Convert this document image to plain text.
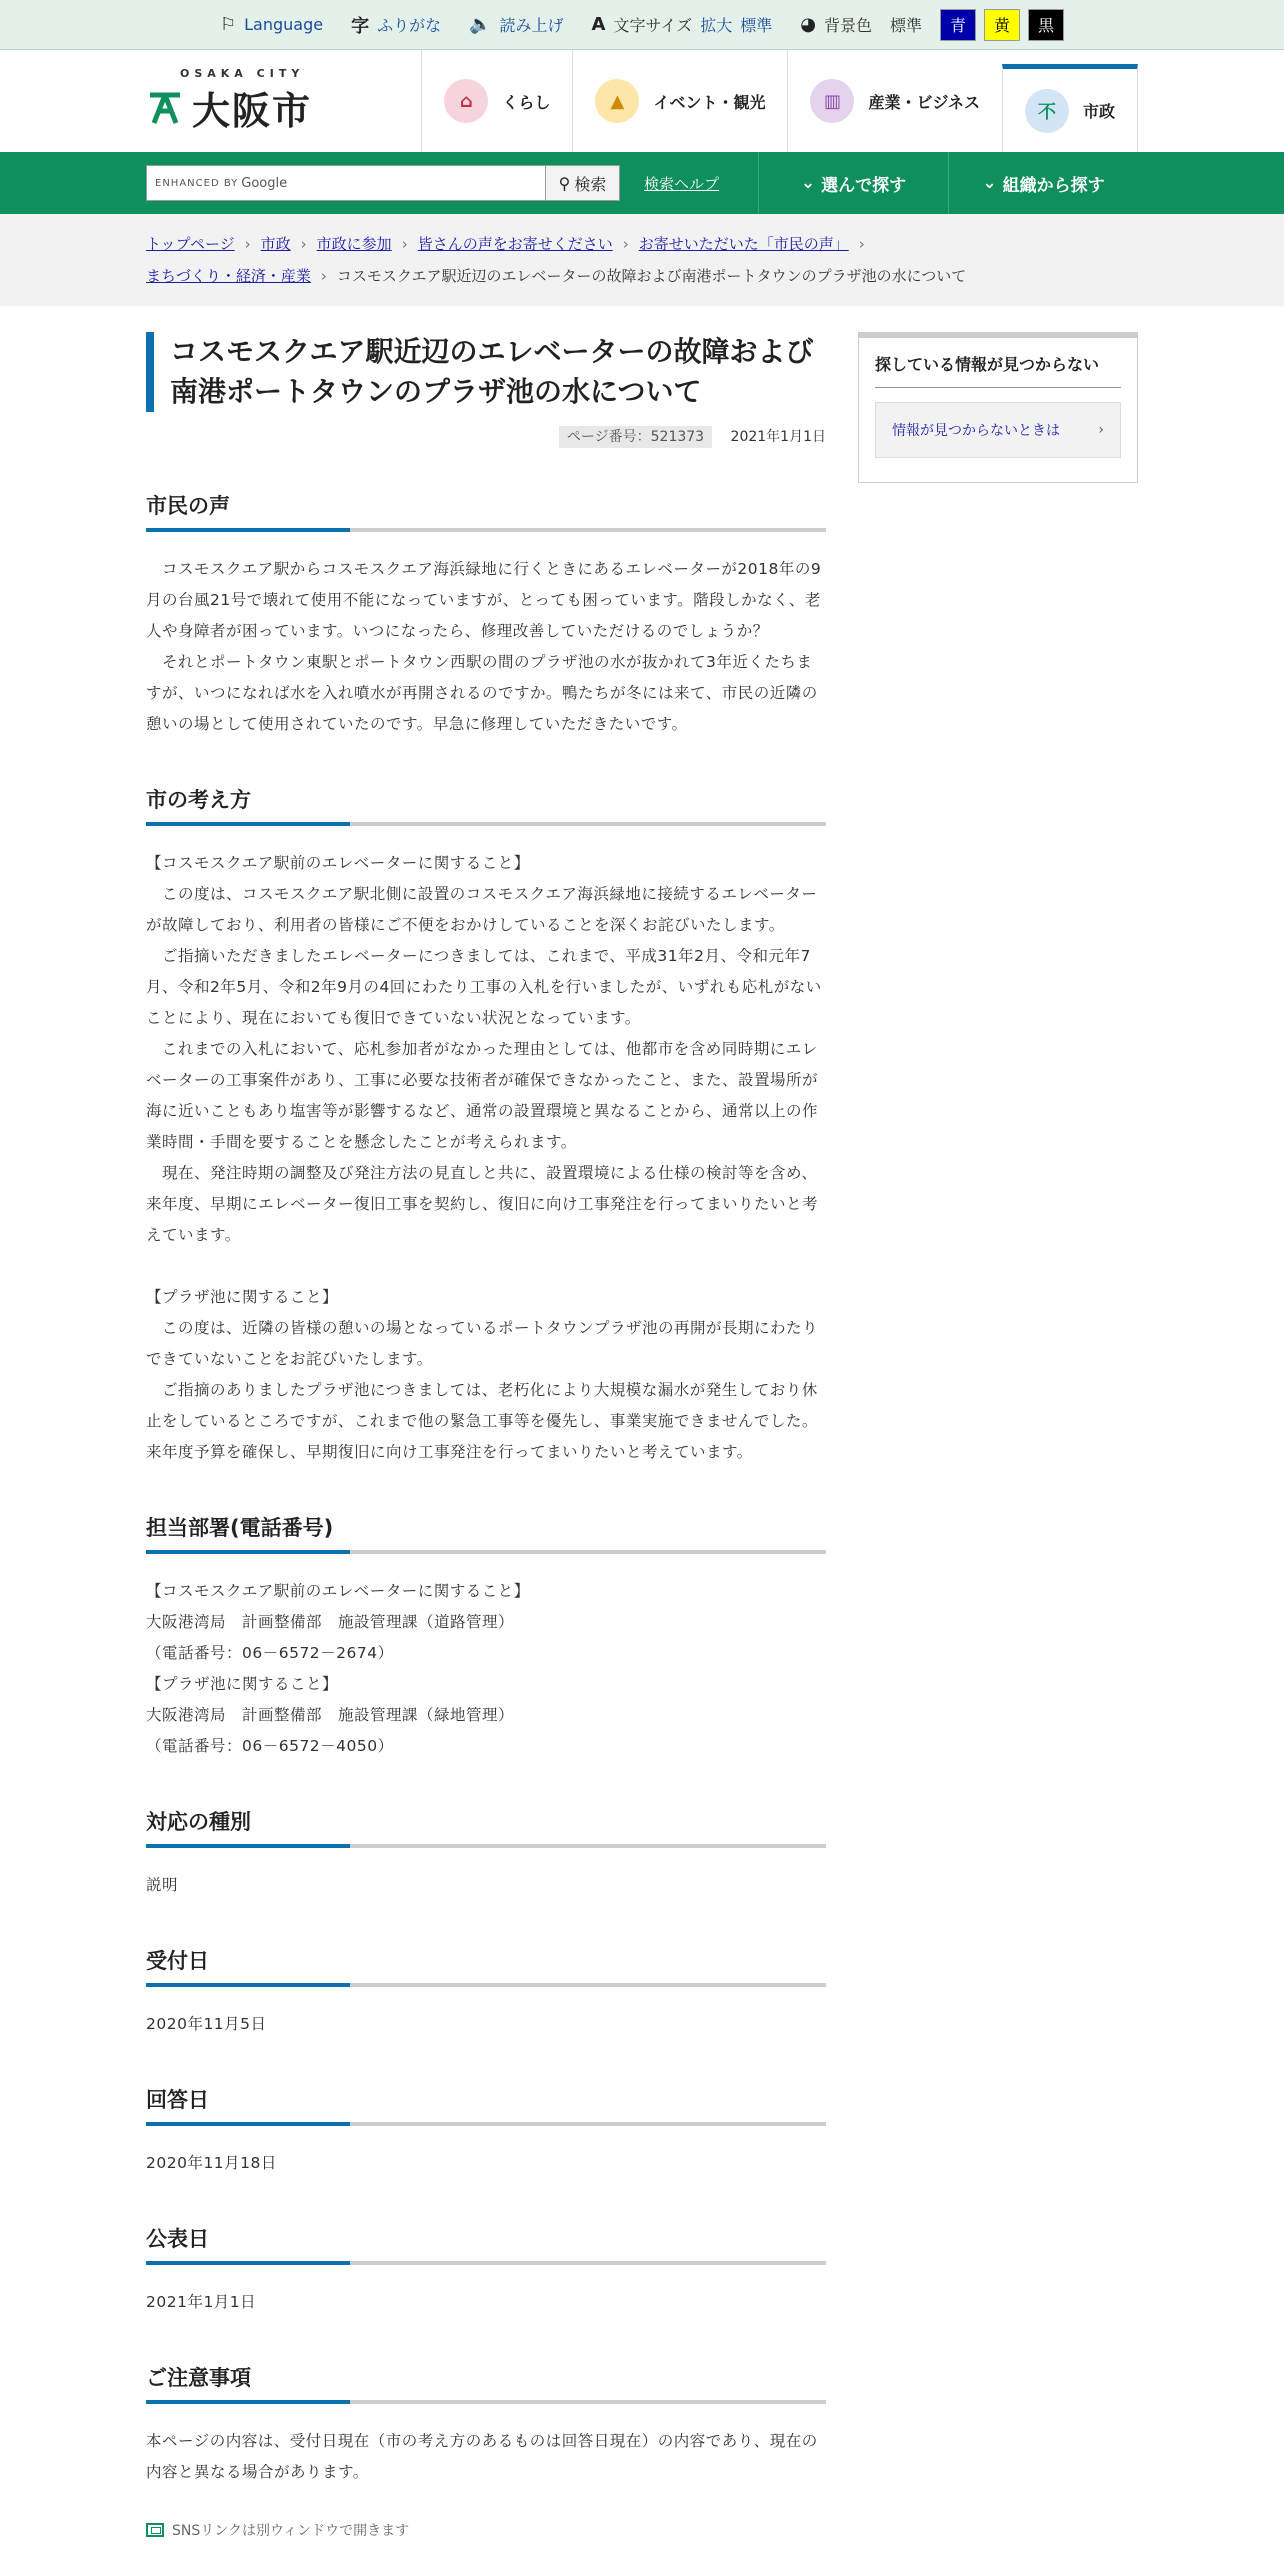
⚐ Language 字 ふりがな 🔈 読み上げ A 文字サイズ 拡大 標準 ◕ 背景色 標準	青	黄	黒
OSAKA CITY
大阪市	⌂	くらし	▲	イベント・観光	▥	産業・ビジネス	不	市政
ENHANCED BY Google	⚲ 検索	検索ヘルプ	⌄ 選んで探す	⌄ 組織から探す
トップページ › 市政 › 市政に参加 › 皆さんの声をお寄せください › お寄せいただいた「市民の声」 ›
まちづくり・経済・産業 › コスモスクエア駅近辺のエレベーターの故障および南港ポートタウンのプラザ池の水について
コスモスクエア駅近辺のエレベーターの故障および南港ポートタウンのプラザ池の水について
ページ番号：521373 2021年1月1日
市民の声

　コスモスクエア駅からコスモスクエア海浜緑地に行くときにあるエレベーターが2018年の9月の台風21号で壊れて使用不能になっていますが、とっても困っています。階段しかなく、老人や身障者が困っています。いつになったら、修理改善していただけるのでしょうか？
　それとポートタウン東駅とポートタウン西駅の間のプラザ池の水が抜かれて3年近くたちますが、いつになれば水を入れ噴水が再開されるのですか。鴨たちが冬には来て、市民の近隣の憩いの場として使用されていたのです。早急に修理していただきたいです。

市の考え方

【コスモスクエア駅前のエレベーターに関すること】
　この度は、コスモスクエア駅北側に設置のコスモスクエア海浜緑地に接続するエレベーターが故障しており、利用者の皆様にご不便をおかけしていることを深くお詫びいたします。
　ご指摘いただきましたエレベーターにつきましては、これまで、平成31年2月、令和元年7月、令和2年5月、令和2年9月の4回にわたり工事の入札を行いましたが、いずれも応札がないことにより、現在においても復旧できていない状況となっています。
　これまでの入札において、応札参加者がなかった理由としては、他都市を含め同時期にエレベーターの工事案件があり、工事に必要な技術者が確保できなかったこと、また、設置場所が海に近いこともあり塩害等が影響するなど、通常の設置環境と異なることから、通常以上の作業時間・手間を要することを懸念したことが考えられます。
　現在、発注時期の調整及び発注方法の見直しと共に、設置環境による仕様の検討等を含め、来年度、早期にエレベーター復旧工事を契約し、復旧に向け工事発注を行ってまいりたいと考えています。

【プラザ池に関すること】
　この度は、近隣の皆様の憩いの場となっているポートタウンプラザ池の再開が長期にわたりできていないことをお詫びいたします。
　ご指摘のありましたプラザ池につきましては、老朽化により大規模な漏水が発生しており休止をしているところですが、これまで他の緊急工事等を優先し、事業実施できませんでした。来年度予算を確保し、早期復旧に向け工事発注を行ってまいりたいと考えています。

担当部署(電話番号)

【コスモスクエア駅前のエレベーターに関すること】
大阪港湾局　計画整備部　施設管理課（道路管理）
（電話番号：06－6572－2674）
【プラザ池に関すること】
大阪港湾局　計画整備部　施設管理課（緑地管理）
（電話番号：06－6572－4050）

対応の種別

説明

受付日

2020年11月5日

回答日

2020年11月18日

公表日

2021年1月1日

ご注意事項

本ページの内容は、受付日現在（市の考え方のあるものは回答日現在）の内容であり、現在の内容と異なる場合があります。

SNSリンクは別ウィンドウで開きます
探している情報が見つからない
情報が見つからないときは	›
